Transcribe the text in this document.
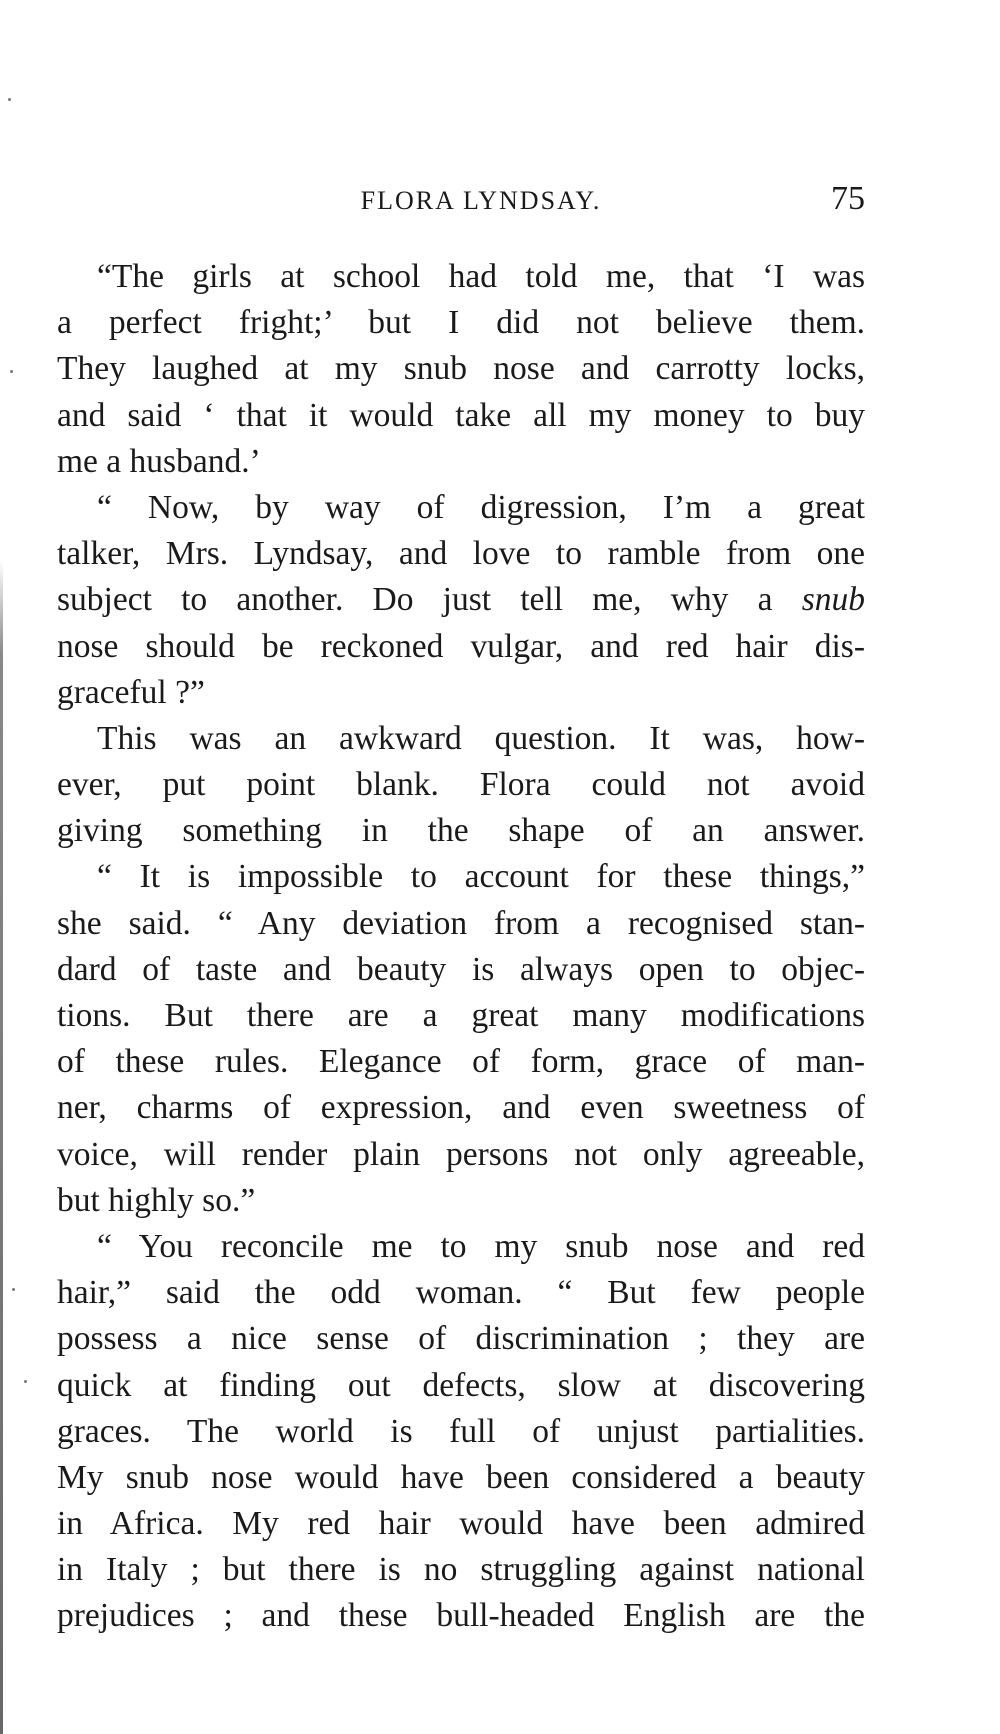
FLORA LYNDSAY.	75
“The girls at school had told me, that ‘I was
a perfect fright;’ but I did not believe them.
They laughed at my snub nose and carrotty locks,
and said ‘ that it would take all my money to buy
me a husband.’
“ Now, by way of digression, I’m a great
talker, Mrs. Lyndsay, and love to ramble from one
subject to another. Do just tell me, why a snub
nose should be reckoned vulgar, and red hair dis-
graceful ?”
This was an awkward question. It was, how-
ever, put point blank. Flora could not avoid
giving something in the shape of an answer.
“ It is impossible to account for these things,”
she said. “ Any deviation from a recognised stan-
dard of taste and beauty is always open to objec-
tions. But there are a great many modifications
of these rules. Elegance of form, grace of man-
ner, charms of expression, and even sweetness of
voice, will render plain persons not only agreeable,
but highly so.”
“ You reconcile me to my snub nose and red
hair,” said the odd woman. “ But few people
possess a nice sense of discrimination ; they are
quick at finding out defects, slow at discovering
graces. The world is full of unjust partialities.
My snub nose would have been considered a beauty
in Africa. My red hair would have been admired
in Italy ; but there is no struggling against national
prejudices ; and these bull-headed English are the
